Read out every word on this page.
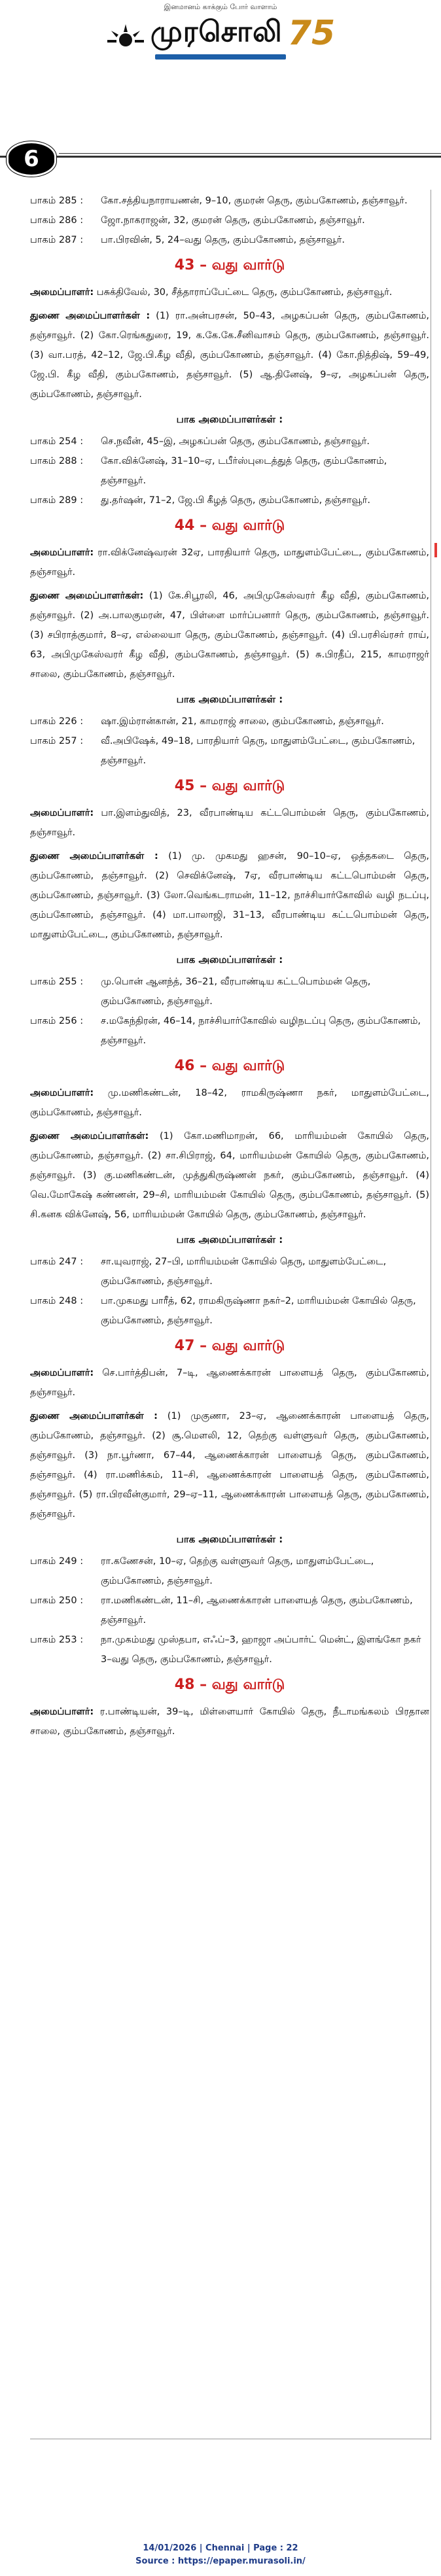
இனமானம் காக்கும் போர் வாளாம்
முரசொலி 75
6
பாகம் 285 :	கோ.சத்தியநாராயணன், 9–10, குமரன் தெரு, கும்பகோணம், தஞ்சாவூர்.
பாகம் 286 :	ஜோ.நாகராஜன், 32, குமரன் தெரு, கும்பகோணம், தஞ்சாவூர்.
பாகம் 287 :	பா.பிரவின், 5, 24–வது தெரு, கும்பகோணம், தஞ்சாவூர்.
43 – வது வார்டு
அமைப்பாளர்: பசுக்திவேல், 30, சீத்தாராப்பேட்டை தெரு, கும்பகோணம், தஞ்சாவூர்.
துணை அமைப்பாளர்கள் : (1) ரா.அன்பரசன், 50–43, அழகப்பன் தெரு, கும்பகோணம், தஞ்சாவூர். (2) கோ.ரெங்கதுரை, 19, க.கே.கே.சீனிவாசம் தெரு, கும்பகோணம், தஞ்சாவூர். (3) வா.பரத், 42–12, ஜே.பி.கீழ வீதி, கும்பகோணம், தஞ்சாவூர். (4) கோ.நித்திஷ், 59–49, ஜே.பி. கீழ வீதி, கும்பகோணம், தஞ்சாவூர். (5) ஆ.தினேஷ், 9–ஏ, அழகப்பன் தெரு, கும்பகோணம், தஞ்சாவூர்.
பாக அமைப்பாளர்கள் :
பாகம் 254 :	செ.நவீன், 45–இ, அழகப்பன் தெரு, கும்பகோணம், தஞ்சாவூர்.
பாகம் 288 :	கோ.விக்னேஷ், 31–10–ஏ, டபீர்ஸ்புடைத்துத் தெரு, கும்பகோணம், தஞ்சாவூர்.
பாகம் 289 :	து.தர்ஷன், 71–2, ஜே.பி கீழத் தெரு, கும்பகோணம், தஞ்சாவூர்.
44 – வது வார்டு
அமைப்பாளர்: ரா.விக்னேஷ்வரன் 32ஏ, பாரதியார் தெரு, மாதுளம்பேட்டை, கும்பகோணம், தஞ்சாவூர்.
துணை அமைப்பாளர்கள்: (1) கே.சிபூரலி, 46, அபிமுகேஸ்வரர் கீழ வீதி, கும்பகோணம், தஞ்சாவூர். (2) அ.பாலகுமரன், 47, பிள்ளை மார்ப்பனார் தெரு, கும்பகோணம், தஞ்சாவூர். (3) சபிராத்குமார், 8–ஏ, எல்லையா தெரு, கும்பகோணம், தஞ்சாவூர். (4) பி.பரசிவ்ரசர் ராய், 63, அபிமுகேஸ்வரர் கீழ வீதி, கும்பகோணம், தஞ்சாவூர். (5) சு.பிரதீப், 215, காமராஜர் சாலை, கும்பகோணம், தஞ்சாவூர்.
பாக அமைப்பாளர்கள் :
பாகம் 226 :	ஷா.இம்ரான்கான், 21, காமராஜ் சாலை, கும்பகோணம், தஞ்சாவூர்.
பாகம் 257 :	வீ.அபிஷேக், 49–18, பாரதியார் தெரு, மாதுளம்பேட்டை, கும்பகோணம், தஞ்சாவூர்.
45 – வது வார்டு
அமைப்பாளர்: பா.இளம்துவித், 23, வீரபாண்டிய கட்டபொம்மன் தெரு, கும்பகோணம், தஞ்சாவூர்.
துணை அமைப்பாளர்கள் : (1) மு. முகமது ஹசன், 90–10–ஏ, ஒத்தகடை தெரு, கும்பகோணம், தஞ்சாவூர். (2) செவிக்னேஷ், 7ஏ, வீரபாண்டிய கட்டபொம்மன் தெரு, கும்பகோணம், தஞ்சாவூர். (3) லோ.வெங்கடராமன், 11–12, நாச்சியார்கோவில் வழி நடப்பு, கும்பகோணம், தஞ்சாவூர். (4) மா.பாலாஜி, 31–13, வீரபாண்டிய கட்டபொம்மன் தெரு, மாதுளம்பேட்டை, கும்பகோணம், தஞ்சாவூர்.
பாக அமைப்பாளர்கள் :
பாகம் 255 :	மு.பொன் ஆனந்த், 36–21, வீரபாண்டிய கட்டபொம்மன் தெரு, கும்பகோணம், தஞ்சாவூர்.
பாகம் 256 :	ச.மகேந்திரன், 46–14, நாச்சியார்கோவில் வழிநடப்பு தெரு, கும்பகோணம், தஞ்சாவூர்.
46 – வது வார்டு
அமைப்பாளர்: மு.மணிகண்டன், 18–42, ராமகிருஷ்ணா நகர், மாதுளம்பேட்டை, கும்பகோணம், தஞ்சாவூர்.
துணை அமைப்பாளர்கள்: (1) கோ.மணிமாறன், 66, மாரியம்மன் கோயில் தெரு, கும்பகோணம், தஞ்சாவூர். (2) சா.சிபிராஜ், 64, மாரியம்மன் கோயில் தெரு, கும்பகோணம், தஞ்சாவூர். (3) கு.மணிகண்டன், முத்துகிருஷ்ணன் நகர், கும்பகோணம், தஞ்சாவூர். (4) வெ.மோகேஷ் கண்ணன், 29–சி, மாரியம்மன் கோயில் தெரு, கும்பகோணம், தஞ்சாவூர். (5) சி.கனக விக்னேஷ், 56, மாரியம்மன் கோயில் தெரு, கும்பகோணம், தஞ்சாவூர்.
பாக அமைப்பாளர்கள் :
பாகம் 247 :	சா.யுவராஜ், 27–பி, மாரியம்மன் கோயில் தெரு, மாதுளம்பேட்டை, கும்பகோணம், தஞ்சாவூர்.
பாகம் 248 :	பா.முகமது பாரீத், 62, ராமகிருஷ்ணா நகர்–2, மாரியம்மன் கோயில் தெரு, கும்பகோணம், தஞ்சாவூர்.
47 – வது வார்டு
அமைப்பாளர்: செ.பார்த்திபன், 7–டி, ஆணைக்காரன் பாளையத் தெரு, கும்பகோணம், தஞ்சாவூர்.
துணை அமைப்பாளர்கள் : (1) முகுணா, 23–ஏ, ஆணைக்காரன் பாளையத் தெரு, கும்பகோணம், தஞ்சாவூர். (2) சூ.மௌலி, 12, தெற்கு வள்ளுவர் தெரு, கும்பகோணம், தஞ்சாவூர். (3) நா.பூர்ணா, 67–44, ஆணைக்காரன் பாளையத் தெரு, கும்பகோணம், தஞ்சாவூர். (4) ரா.மணிக்கம், 11–சி, ஆணைக்காரன் பாளையத் தெரு, கும்பகோணம், தஞ்சாவூர். (5) ரா.பிரவீன்குமார், 29–ஏ–11, ஆணைக்காரன் பாளையத் தெரு, கும்பகோணம், தஞ்சாவூர்.
பாக அமைப்பாளர்கள் :
பாகம் 249 :	ரா.கணேசன், 10–ஏ, தெற்கு வள்ளுவர் தெரு, மாதுளம்பேட்டை, கும்பகோணம், தஞ்சாவூர்.
பாகம் 250 :	ரா.மணிகண்டன், 11–சி, ஆணைக்காரன் பாளையத் தெரு, கும்பகோணம், தஞ்சாவூர்.
பாகம் 253 :	நா.முகம்மது முஸ்தபா, எஃப்–3, ஹாஜா அப்பார்ட் மென்ட், இளங்கோ நகர் 3–வது தெரு, கும்பகோணம், தஞ்சாவூர்.
48 – வது வார்டு
அமைப்பாளர்: ர.பாண்டியன், 39–டி, மிள்ளையார் கோயில் தெரு, நீடாமங்கலம் பிரதான சாலை, கும்பகோணம், தஞ்சாவூர்.
14/01/2026 | Chennai | Page : 22
Source : https://epaper.murasoli.in/
